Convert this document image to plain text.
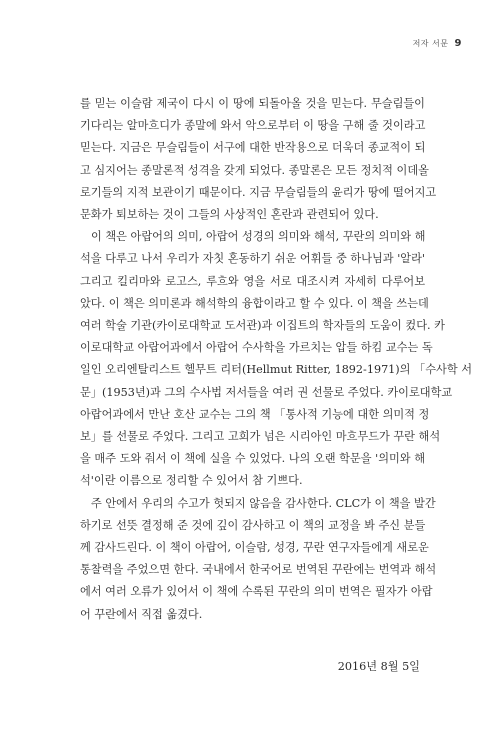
저자 서문 9
를 믿는 이슬람 제국이 다시 이 땅에 되돌아올 것을 믿는다. 무슬림들이
기다리는 알마흐디가 종말에 와서 악으로부터 이 땅을 구해 줄 것이라고
믿는다. 지금은 무슬림들이 서구에 대한 반작용으로 더욱더 종교적이 되
고 심지어는 종말론적 성격을 갖게 되었다. 종말론은 모든 정치적 이데올
로기들의 지적 보관이기 때문이다. 지금 무슬림들의 윤리가 땅에 떨어지고
문화가 퇴보하는 것이 그들의 사상적인 혼란과 관련되어 있다.
이 책은 아랍어의 의미, 아랍어 성경의 의미와 해석, 꾸란의 의미와 해
석을 다루고 나서 우리가 자칫 혼동하기 쉬운 어휘들 중 하나님과 '알라'
그리고 킬리마와 로고스, 루흐와 영을 서로 대조시켜 자세히 다루어보
았다. 이 책은 의미론과 해석학의 융합이라고 할 수 있다. 이 책을 쓰는데
여러 학술 기관(카이로대학교 도서관)과 이집트의 학자들의 도움이 컸다. 카
이로대학교 아랍어과에서 아랍어 수사학을 가르치는 압들 하킴 교수는 독
일인 오리엔탈리스트 헬무트 리터(Hellmut Ritter, 1892-1971)의 「수사학 서
문」(1953년)과 그의 수사법 저서들을 여러 권 선물로 주었다. 카이로대학교
아랍어과에서 만난 호산 교수는 그의 책 「통사적 기능에 대한 의미적 정
보」를 선물로 주었다. 그리고 고희가 넘은 시리아인 마흐무드가 꾸란 해석
을 매주 도와 줘서 이 책에 실을 수 있었다. 나의 오랜 학문을 '의미와 해
석'이란 이름으로 정리할 수 있어서 참 기쁘다.
주 안에서 우리의 수고가 헛되지 않음을 감사한다. CLC가 이 책을 발간
하기로 선뜻 결정해 준 것에 깊이 감사하고 이 책의 교정을 봐 주신 분들
께 감사드린다. 이 책이 아랍어, 이슬람, 성경, 꾸란 연구자들에게 새로운
통찰력을 주었으면 한다. 국내에서 한국어로 번역된 꾸란에는 번역과 해석
에서 여러 오류가 있어서 이 책에 수록된 꾸란의 의미 번역은 필자가 아랍
어 꾸란에서 직접 옮겼다.
2016년 8월 5일
